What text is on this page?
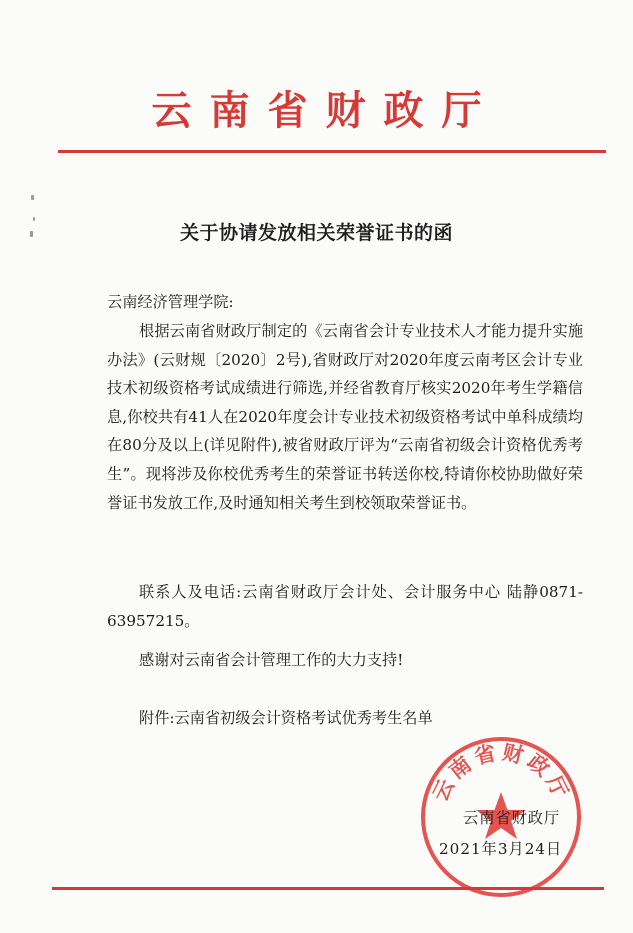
云南省财政厅
关于协请发放相关荣誉证书的函
云南经济管理学院:
根据云南省财政厅制定的《云南省会计专业技术人才能力提升实施办法》(云财规〔2020〕2号),省财政厅对2020年度云南考区会计专业技术初级资格考试成绩进行筛选,并经省教育厅核实2020年考生学籍信息,你校共有41人在2020年度会计专业技术初级资格考试中单科成绩均在80分及以上(详见附件),被省财政厅评为“云南省初级会计资格优秀考生”。现将涉及你校优秀考生的荣誉证书转送你校,特请你校协助做好荣誉证书发放工作,及时通知相关考生到校领取荣誉证书。
联系人及电话:云南省财政厅会计处、会计服务中心 陆静0871-63957215。
感谢对云南省会计管理工作的大力支持!
附件:云南省初级会计资格考试优秀考生名单
云南省财政厅
云南省财政厅
2021年3月24日
